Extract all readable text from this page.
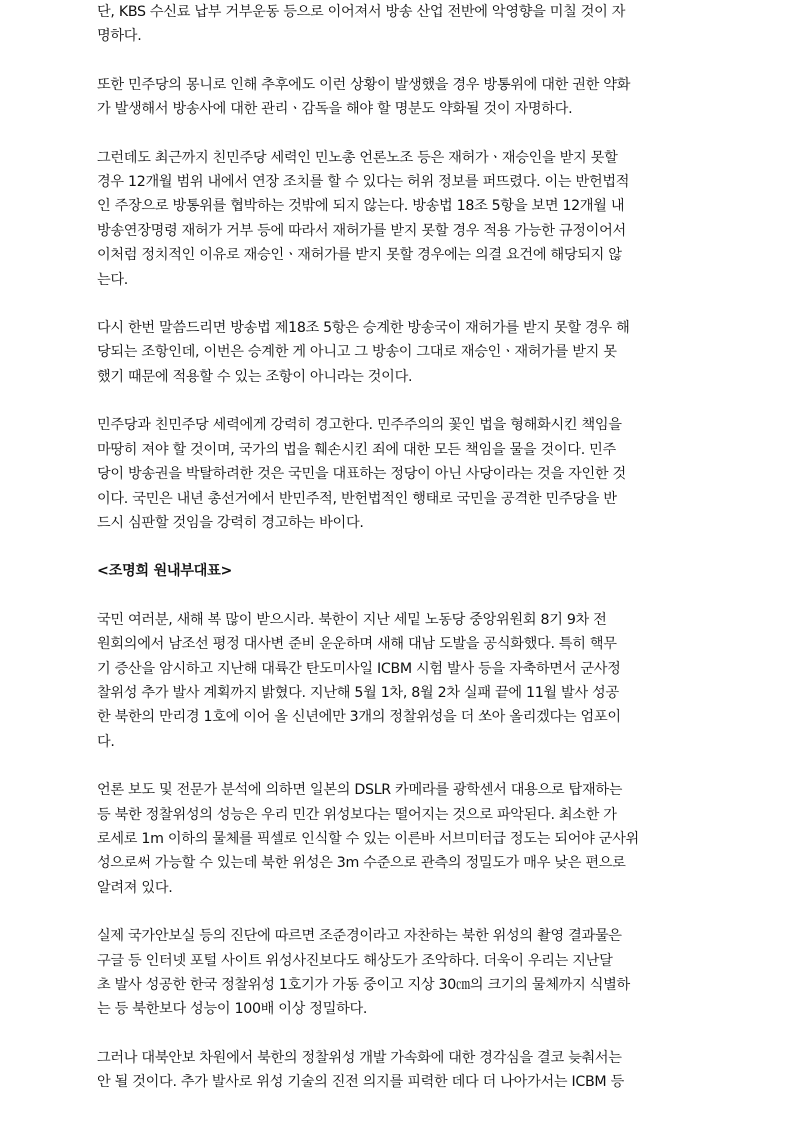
단, KBS 수신료 납부 거부운동 등으로 이어져서 방송 산업 전반에 악영향을 미칠 것이 자
명하다.
또한 민주당의 몽니로 인해 추후에도 이런 상황이 발생했을 경우 방통위에 대한 권한 약화
가 발생해서 방송사에 대한 관리ㆍ감독을 해야 할 명분도 약화될 것이 자명하다.
그런데도 최근까지 친민주당 세력인 민노총 언론노조 등은 재허가ㆍ재승인을 받지 못할
경우 12개월 범위 내에서 연장 조치를 할 수 있다는 허위 정보를 퍼뜨렸다. 이는 반헌법적
인 주장으로 방통위를 협박하는 것밖에 되지 않는다. 방송법 18조 5항을 보면 12개월 내
방송연장명령 재허가 거부 등에 따라서 재허가를 받지 못할 경우 적용 가능한 규정이어서
이처럼 정치적인 이유로 재승인ㆍ재허가를 받지 못할 경우에는 의결 요건에 해당되지 않
는다.
다시 한번 말씀드리면 방송법 제18조 5항은 승계한 방송국이 재허가를 받지 못할 경우 해
당되는 조항인데, 이번은 승계한 게 아니고 그 방송이 그대로 재승인ㆍ재허가를 받지 못
했기 때문에 적용할 수 있는 조항이 아니라는 것이다.
민주당과 친민주당 세력에게 강력히 경고한다. 민주주의의 꽃인 법을 형해화시킨 책임을
마땅히 져야 할 것이며, 국가의 법을 훼손시킨 죄에 대한 모든 책임을 물을 것이다. 민주
당이 방송권을 박탈하려한 것은 국민을 대표하는 정당이 아닌 사당이라는 것을 자인한 것
이다. 국민은 내년 총선거에서 반민주적, 반헌법적인 행태로 국민을 공격한 민주당을 반
드시 심판할 것임을 강력히 경고하는 바이다.
<조명희 원내부대표>
국민 여러분, 새해 복 많이 받으시라. 북한이 지난 세밑 노동당 중앙위원회 8기 9차 전
원회의에서 남조선 평정 대사변 준비 운운하며 새해 대남 도발을 공식화했다. 특히 핵무
기 증산을 암시하고 지난해 대륙간 탄도미사일 ICBM 시험 발사 등을 자축하면서 군사정
찰위성 추가 발사 계획까지 밝혔다. 지난해 5월 1차, 8월 2차 실패 끝에 11월 발사 성공
한 북한의 만리경 1호에 이어 올 신년에만 3개의 정찰위성을 더 쏘아 올리겠다는 엄포이
다.
언론 보도 및 전문가 분석에 의하면 일본의 DSLR 카메라를 광학센서 대용으로 탑재하는
등 북한 정찰위성의 성능은 우리 민간 위성보다는 떨어지는 것으로 파악된다. 최소한 가
로세로 1m 이하의 물체를 픽셀로 인식할 수 있는 이른바 서브미터급 정도는 되어야 군사위
성으로써 가능할 수 있는데 북한 위성은 3m 수준으로 관측의 정밀도가 매우 낮은 편으로
알려져 있다.
실제 국가안보실 등의 진단에 따르면 조준경이라고 자찬하는 북한 위성의 촬영 결과물은
구글 등 인터넷 포털 사이트 위성사진보다도 해상도가 조악하다. 더욱이 우리는 지난달
초 발사 성공한 한국 정찰위성 1호기가 가동 중이고 지상 30㎝의 크기의 물체까지 식별하
는 등 북한보다 성능이 100배 이상 정밀하다.
그러나 대북안보 차원에서 북한의 정찰위성 개발 가속화에 대한 경각심을 결코 늦춰서는
안 될 것이다. 추가 발사로 위성 기술의 진전 의지를 피력한 데다 더 나아가서는 ICBM 등
